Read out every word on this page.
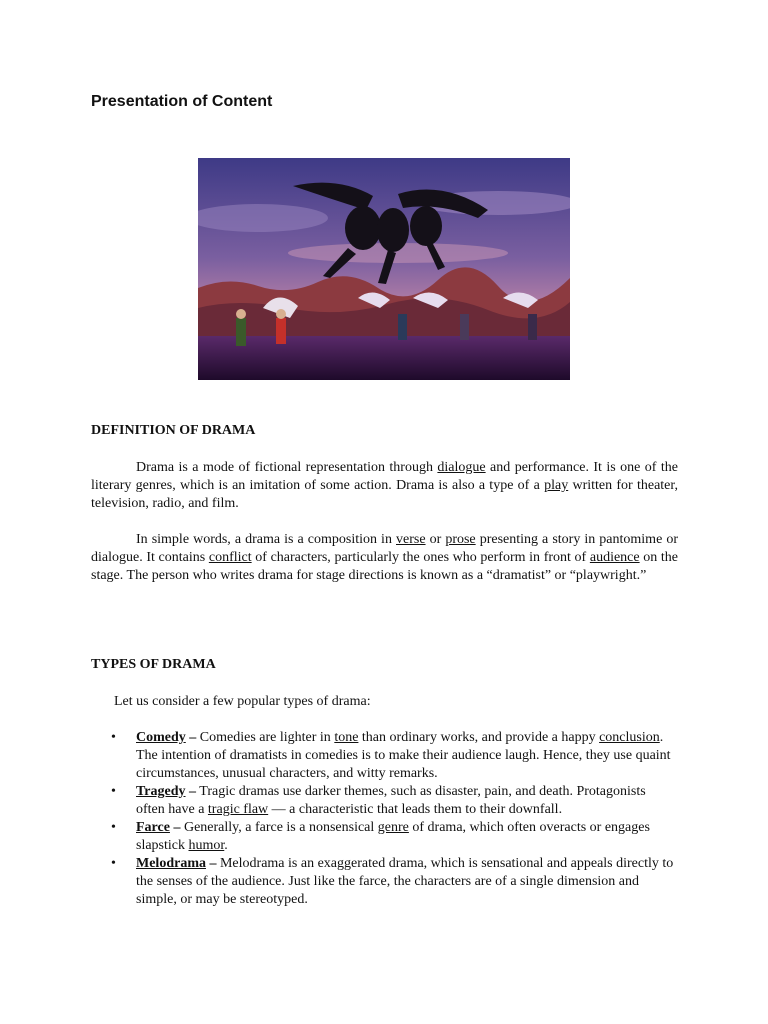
Presentation of Content
DEFINITION OF DRAMA
Drama is a mode of fictional representation through dialogue and performance. It is one of the literary genres, which is an imitation of some action. Drama is also a type of a play written for theater, television, radio, and film.
In simple words, a drama is a composition in verse or prose presenting a story in pantomime or dialogue. It contains conflict of characters, particularly the ones who perform in front of audience on the stage. The person who writes drama for stage directions is known as a “dramatist” or “playwright.”
TYPES OF DRAMA
Let us consider a few popular types of drama:
• Comedy – Comedies are lighter in tone than ordinary works, and provide a happy conclusion. The intention of dramatists in comedies is to make their audience laugh. Hence, they use quaint circumstances, unusual characters, and witty remarks.
• Tragedy – Tragic dramas use darker themes, such as disaster, pain, and death. Protagonists often have a tragic flaw — a characteristic that leads them to their downfall.
• Farce – Generally, a farce is a nonsensical genre of drama, which often overacts or engages slapstick humor.
• Melodrama – Melodrama is an exaggerated drama, which is sensational and appeals directly to the senses of the audience. Just like the farce, the characters are of a single dimension and simple, or may be stereotyped.
